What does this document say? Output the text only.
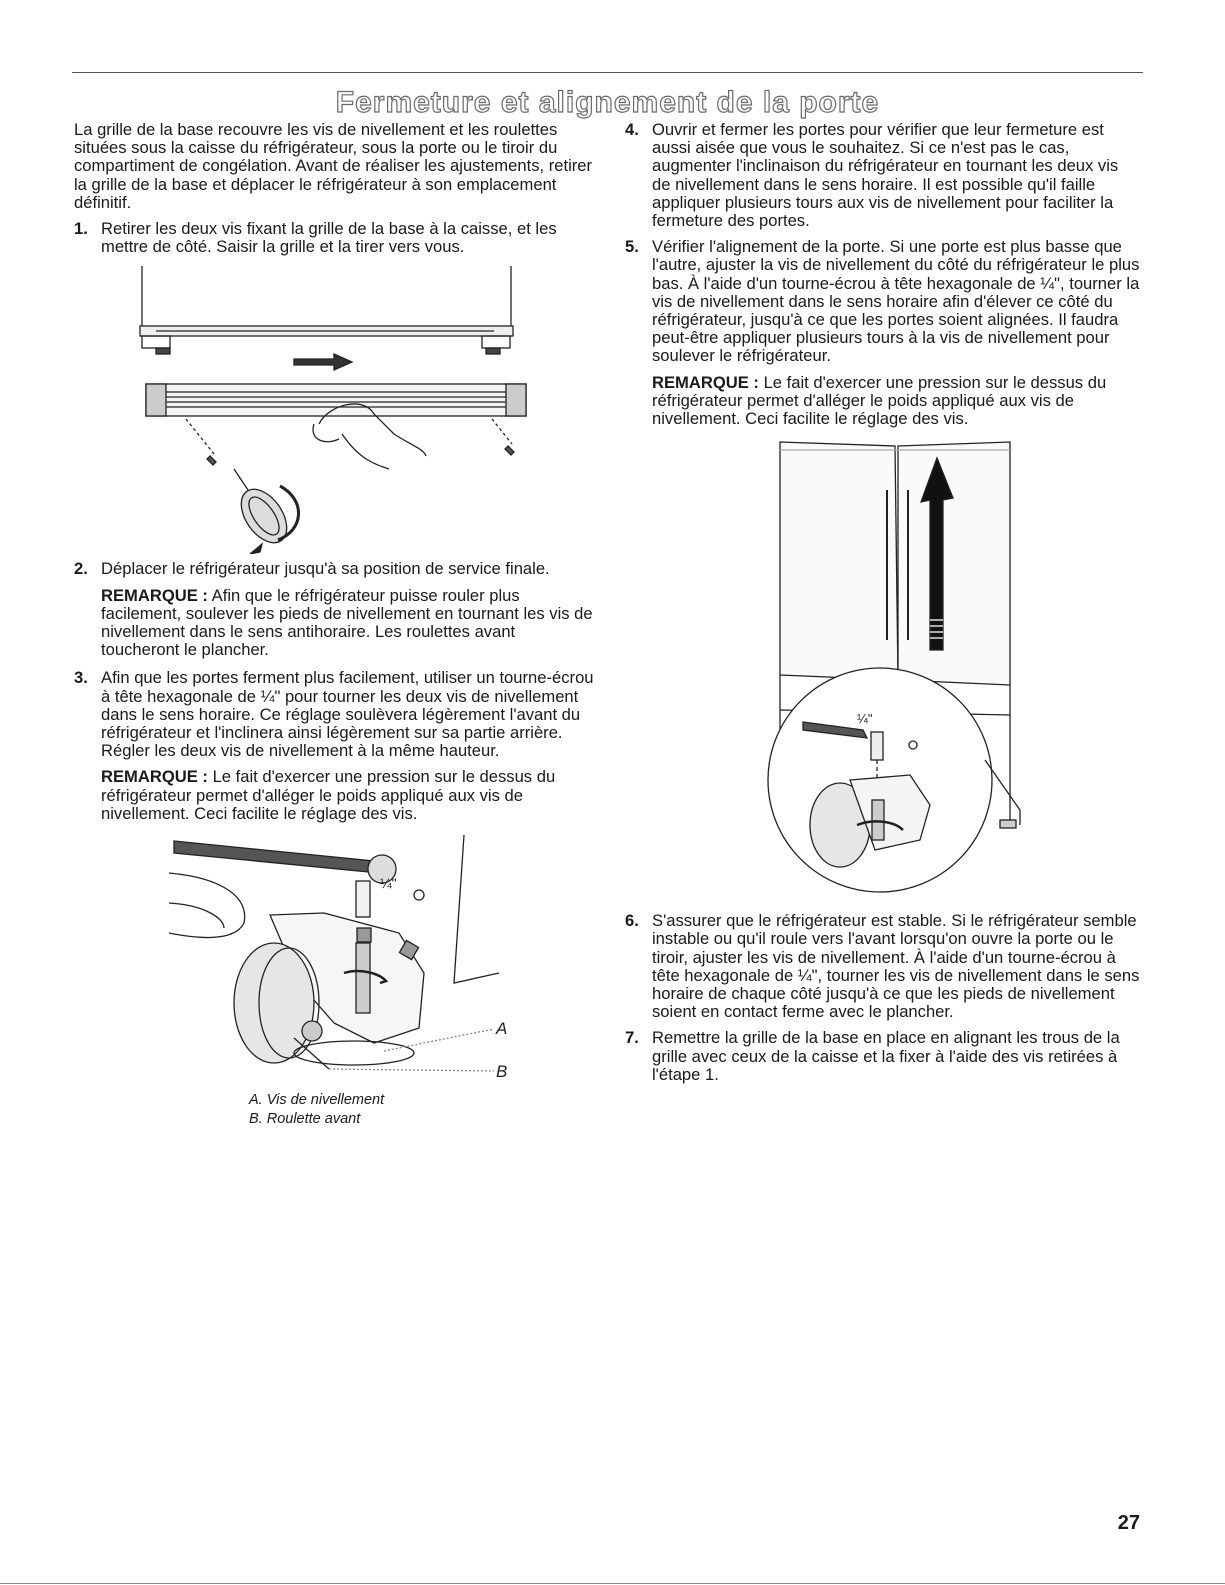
Fermeture et alignement de la porte

La grille de la base recouvre les vis de nivellement et les roulettes situées sous la caisse du réfrigérateur, sous la porte ou le tiroir du compartiment de congélation. Avant de réaliser les ajustements, retirer la grille de la base et déplacer le réfrigérateur à son emplacement définitif.

1. Retirer les deux vis fixant la grille de la base à la caisse, et les mettre de côté. Saisir la grille et la tirer vers vous.
2. Déplacer le réfrigérateur jusqu'à sa position de service finale.

REMARQUE : Afin que le réfrigérateur puisse rouler plus facilement, soulever les pieds de nivellement en tournant les vis de nivellement dans le sens antihoraire. Les roulettes avant toucheront le plancher.

3. Afin que les portes ferment plus facilement, utiliser un tourne-écrou à tête hexagonale de ¼" pour tourner les deux vis de nivellement dans le sens horaire. Ce réglage soulèvera légèrement l'avant du réfrigérateur et l'inclinera ainsi légèrement sur sa partie arrière. Régler les deux vis de nivellement à la même hauteur.

REMARQUE : Le fait d'exercer une pression sur le dessus du réfrigérateur permet d'alléger le poids appliqué aux vis de nivellement. Ceci facilite le réglage des vis.

¼"
A
B
A. Vis de nivellement
B. Roulette avant
4. Ouvrir et fermer les portes pour vérifier que leur fermeture est aussi aisée que vous le souhaitez. Si ce n'est pas le cas, augmenter l'inclinaison du réfrigérateur en tournant les deux vis de nivellement dans le sens horaire. Il est possible qu'il faille appliquer plusieurs tours aux vis de nivellement pour faciliter la fermeture des portes.
5. Vérifier l'alignement de la porte. Si une porte est plus basse que l'autre, ajuster la vis de nivellement du côté du réfrigérateur le plus bas. À l'aide d'un tourne-écrou à tête hexagonale de ¼", tourner la vis de nivellement dans le sens horaire afin d'élever ce côté du réfrigérateur, jusqu'à ce que les portes soient alignées. Il faudra peut-être appliquer plusieurs tours à la vis de nivellement pour soulever le réfrigérateur.

REMARQUE : Le fait d'exercer une pression sur le dessus du réfrigérateur permet d'alléger le poids appliqué aux vis de nivellement. Ceci facilite le réglage des vis.

¼"
6. S'assurer que le réfrigérateur est stable. Si le réfrigérateur semble instable ou qu'il roule vers l'avant lorsqu'on ouvre la porte ou le tiroir, ajuster les vis de nivellement. À l'aide d'un tourne-écrou à tête hexagonale de ¼", tourner les vis de nivellement dans le sens horaire de chaque côté jusqu'à ce que les pieds de nivellement soient en contact ferme avec le plancher.
7. Remettre la grille de la base en place en alignant les trous de la grille avec ceux de la caisse et la fixer à l'aide des vis retirées à l'étape 1.
27
